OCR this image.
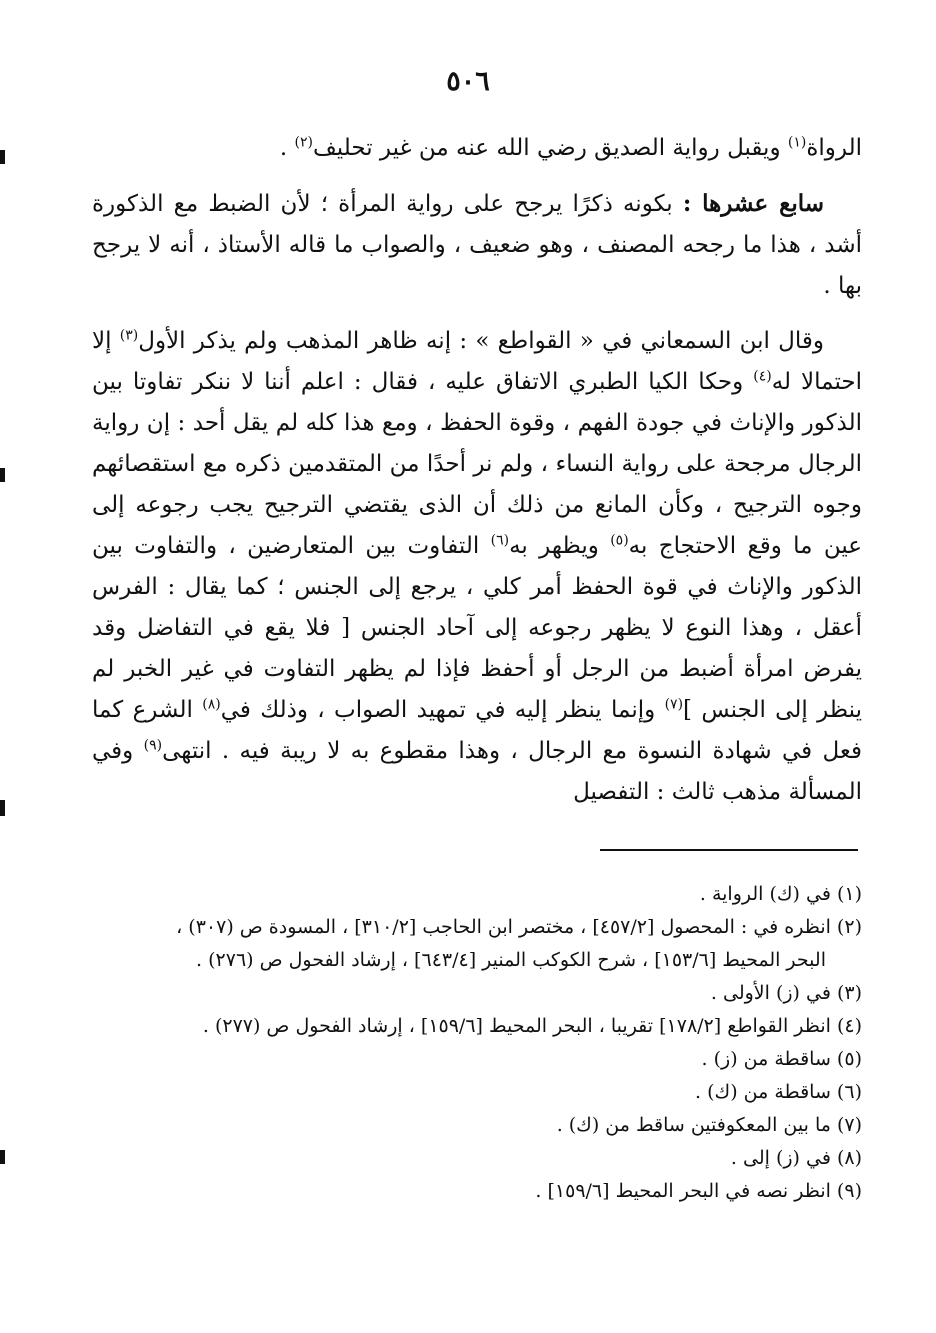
٥٠٦

الرواة$^{(١)}$ ويقبل رواية الصديق رضي الله عنه من غير تحليف$^{(٢)}$ .

سابع عشرها : بكونه ذكرًا يرجح على رواية المرأة ؛ لأن الضبط مع الذكورة أشد ، هذا ما رجحه المصنف ، وهو ضعيف ، والصواب ما قاله الأستاذ ، أنه لا يرجح بها .

وقال ابن السمعاني في « القواطع » : إنه ظاهر المذهب ولم يذكر الأول$^{(٣)}$ إلا احتمالا له$^{(٤)}$ وحكا الكيا الطبري الاتفاق عليه ، فقال : اعلم أننا لا ننكر تفاوتا بين الذكور والإناث في جودة الفهم ، وقوة الحفظ ، ومع هذا كله لم يقل أحد : إن رواية الرجال مرجحة على رواية النساء ، ولم نر أحدًا من المتقدمين ذكره مع استقصائهم وجوه الترجيح ، وكأن المانع من ذلك أن الذى يقتضي الترجيح يجب رجوعه إلى عين ما وقع الاحتجاج به$^{(٥)}$ ويظهر به$^{(٦)}$ التفاوت بين المتعارضين ، والتفاوت بين الذكور والإناث في قوة الحفظ أمر كلي ، يرجع إلى الجنس ؛ كما يقال : الفرس أعقل ، وهذا النوع لا يظهر رجوعه إلى آحاد الجنس [ فلا يقع في التفاضل وقد يفرض امرأة أضبط من الرجل أو أحفظ فإذا لم يظهر التفاوت في غير الخبر لم ينظر إلى الجنس ]$^{(٧)}$ وإنما ينظر إليه في تمهيد الصواب ، وذلك في$^{(٨)}$ الشرع كما فعل في شهادة النسوة مع الرجال ، وهذا مقطوع به لا ريبة فيه . انتهى$^{(٩)}$ وفي المسألة مذهب ثالث : التفصيل

(١) في (ك) الرواية .
(٢) انظره في : المحصول [٤٥٧/٢] ، مختصر ابن الحاجب [٣١٠/٢] ، المسودة ص (٣٠٧) ،
البحر المحيط [١٥٣/٦] ، شرح الكوكب المنير [٦٤٣/٤] ، إرشاد الفحول ص (٢٧٦) .
(٣) في (ز) الأولى .
(٤) انظر القواطع [١٧٨/٢] تقريبا ، البحر المحيط [١٥٩/٦] ، إرشاد الفحول ص (٢٧٧) .
(٥) ساقطة من (ز) .
(٦) ساقطة من (ك) .
(٧) ما بين المعكوفتين ساقط من (ك) .
(٨) في (ز) إلى .
(٩) انظر نصه في البحر المحيط [١٥٩/٦] .
